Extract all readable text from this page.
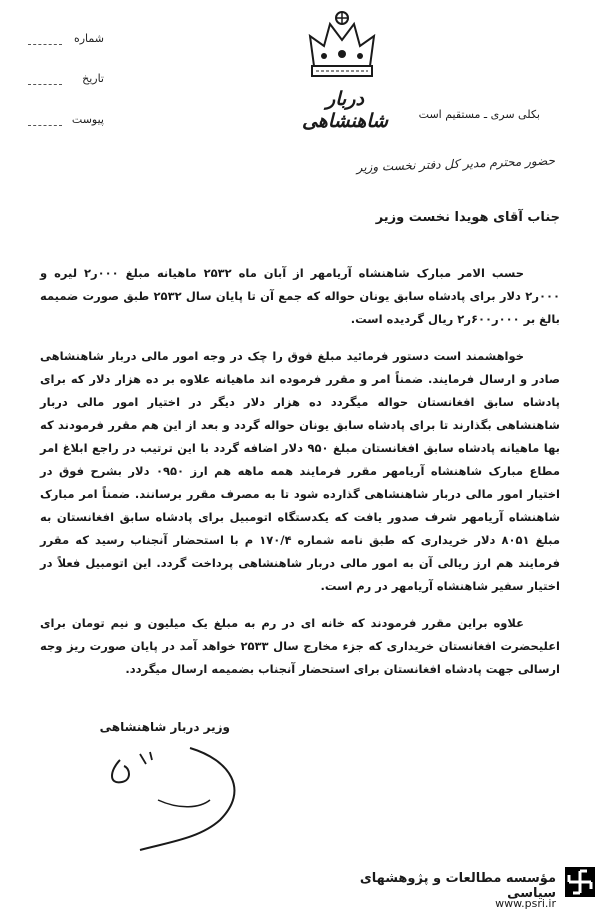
شماره
تاریخ
پیوست
دربار شاهنشاهی	بکلی سری ـ مستقیم است
حضور محترم مدیر کل دفتر نخست وزیر
جناب آقای هویدا نخست وزیر

حسب الامر مبارک شاهنشاه آریامهر از آبان ماه ۲۵۳۲ ماهیانه مبلغ ۰۰۰ر۲ لیره و ۰۰۰ر۲ دلار برای پادشاه سابق یونان حواله که جمع آن تا پایان سال ۲۵۳۲ طبق صورت ضمیمه بالغ بر ۰۰۰ر۶۰۰ر۲ ریال گردیده است.

خواهشمند است دستور فرمائید مبلغ فوق را چک در وجه امور مالی دربار شاهنشاهی صادر و ارسال فرمایند. ضمناً امر و مقرر فرموده اند ماهیانه علاوه بر ده هزار دلار که برای پادشاه سابق افغانستان حواله میگردد ده هزار دلار دیگر در اختیار امور مالی دربار شاهنشاهی بگذارند تا برای پادشاه سابق یونان حواله گردد و بعد از این هم مقرر فرمودند که بها ماهیانه پادشاه سابق افغانستان مبلغ ۹۵۰ دلار اضافه گردد با این ترتیب در راجع ابلاغ امر مطاع مبارک شاهنشاه آریامهر مقرر فرمایند همه ماهه هم ارز ۰۹۵۰ دلار بشرح فوق در اختیار امور مالی دربار شاهنشاهی گذارده شود تا به مصرف مقرر برسانند. ضمناً امر مبارک شاهنشاه آریامهر شرف صدور یافت که یکدستگاه اتومبیل برای پادشاه سابق افغانستان به مبلغ ۸۰۵۱ دلار خریداری که طبق نامه شماره ۱۷۰/۴ م با استحضار آنجناب رسید که مقرر فرمایند هم ارز ریالی آن به امور مالی دربار شاهنشاهی پرداخت گردد. این اتومبیل فعلاً در اختیار سفیر شاهنشاه آریامهر در رم است.

علاوه براین مقرر فرمودند که خانه ای در رم به مبلغ یک میلیون و نیم تومان برای اعلیحضرت افغانستان خریداری که جزء مخارج سال ۲۵۳۳ خواهد آمد در پایان صورت ریز وجه ارسالی جهت پادشاه افغانستان برای استحضار آنجناب بضمیمه ارسال میگردد.

وزیر دربار شاهنشاهی
مؤسسه مطالعات و پژوهشهای سیاسی
www.psri.ir
